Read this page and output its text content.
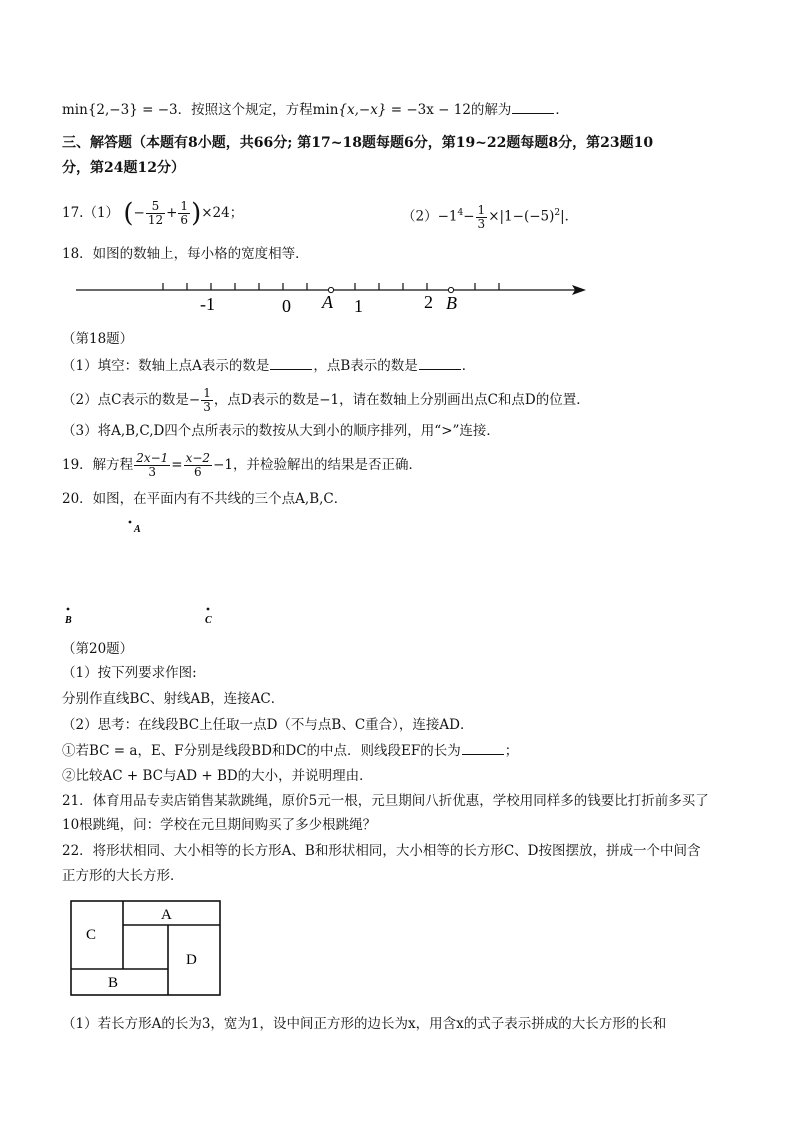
min{2,−3} = −3．按照这个规定，方程min{x,−x} = −3x − 12的解为	．
三、解答题（本题有8小题，共66分; 第17~18题每题6分，第19~22题每题8分，第23题10
分，第24题12分）
17.（1） (− $\frac{5}{12} + \frac{1}{6} )\times 24$；	$(2)-1^4- \frac{1}{3} \times|1-(-5)^2|$．
18．如图的数轴上，每小格的宽度相等．
-1	0 A 1	2 B
（第18题）
（1）填空：数轴上点A表示的数是	，点B表示的数是	．
（2）点C表示的数是− $\frac{1}{3}$ ，点D表示的数是−1，请在数轴上分别画出点C和点D的位置．
（3）将A,B,C,D四个点所表示的数按从大到小的顺序排列，用“>”连接．
19．解方程 $\frac{2x-1}{3} = \frac{x-2}{6} -1$，并检验解出的结果是否正确．
20．如图，在平面内有不共线的三个点A,B,C．
A
B	C
（第20题）
（1）按下列要求作图:
分别作直线BC、射线AB，连接AC．
（2）思考：在线段BC上任取一点D（不与点B、C重合），连接AD．
①若BC = a，E、F分别是线段BD和DC的中点．则线段EF的长为	；
②比较AC + BC与AD + BD的大小，并说明理由．
21．体育用品专卖店销售某款跳绳，原价5元一根，元旦期间八折优惠，学校用同样多的钱要比打折前多买了
10根跳绳，问：学校在元旦期间购买了多少根跳绳？
22．将形状相同、大小相等的长方形A、B和形状相同，大小相等的长方形C、D按图摆放，拼成一个中间含
正方形的大长方形．
A
C
D
B
（1）若长方形A的长为3，宽为1，设中间正方形的边长为x，用含x的式子表示拼成的大长方形的长和
